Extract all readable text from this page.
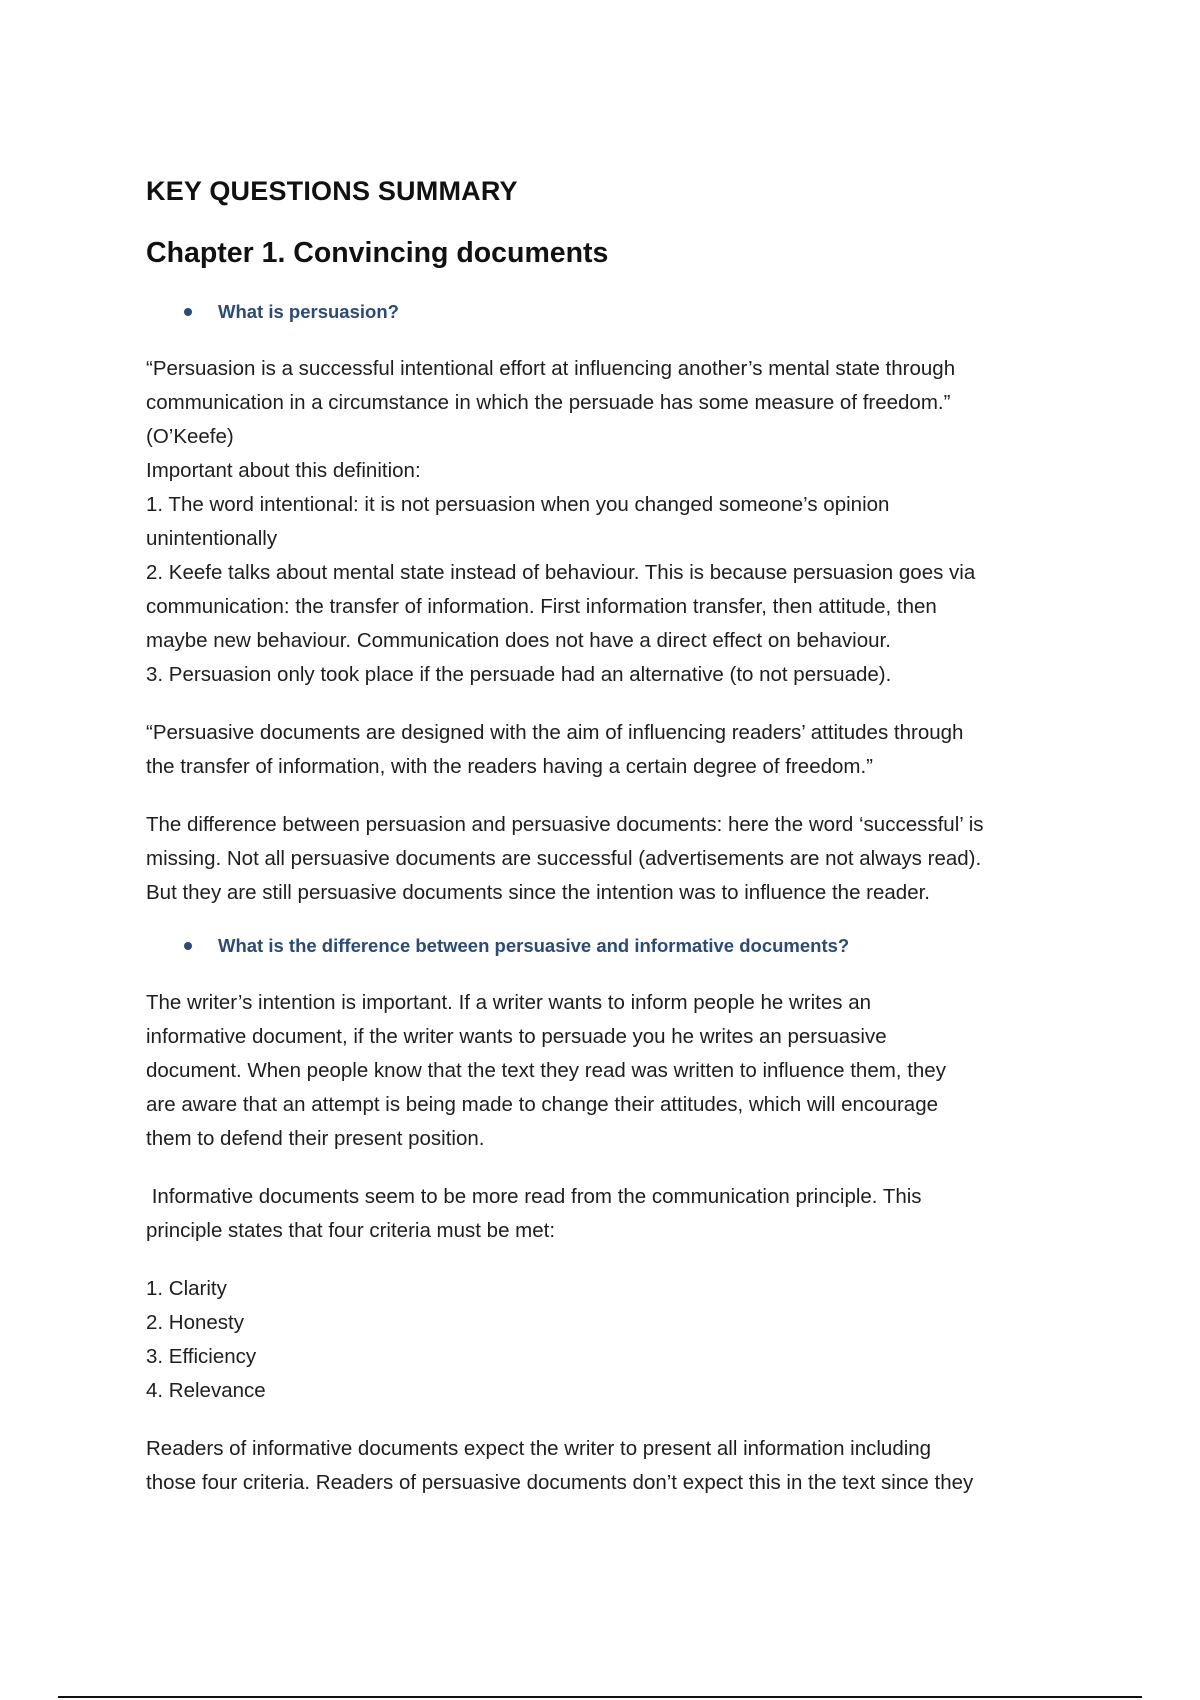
KEY QUESTIONS SUMMARY
Chapter 1. Convincing documents
What is persuasion?

“Persuasion is a successful intentional effort at influencing another’s mental state through
communication in a circumstance in which the persuade has some measure of freedom.”
(O’Keefe)
Important about this definition:
1. The word intentional: it is not persuasion when you changed someone’s opinion
unintentionally
2. Keefe talks about mental state instead of behaviour. This is because persuasion goes via
communication: the transfer of information. First information transfer, then attitude, then
maybe new behaviour. Communication does not have a direct effect on behaviour.
3. Persuasion only took place if the persuade had an alternative (to not persuade).

“Persuasive documents are designed with the aim of influencing readers’ attitudes through
the transfer of information, with the readers having a certain degree of freedom.”

The difference between persuasion and persuasive documents: here the word ‘successful’ is
missing. Not all persuasive documents are successful (advertisements are not always read).
But they are still persuasive documents since the intention was to influence the reader.

What is the difference between persuasive and informative documents?

The writer’s intention is important. If a writer wants to inform people he writes an
informative document, if the writer wants to persuade you he writes an persuasive
document. When people know that the text they read was written to influence them, they
are aware that an attempt is being made to change their attitudes, which will encourage
them to defend their present position.

Informative documents seem to be more read from the communication principle. This
principle states that four criteria must be met:

1. Clarity
2. Honesty
3. Efficiency
4. Relevance

Readers of informative documents expect the writer to present all information including
those four criteria. Readers of persuasive documents don’t expect this in the text since they
